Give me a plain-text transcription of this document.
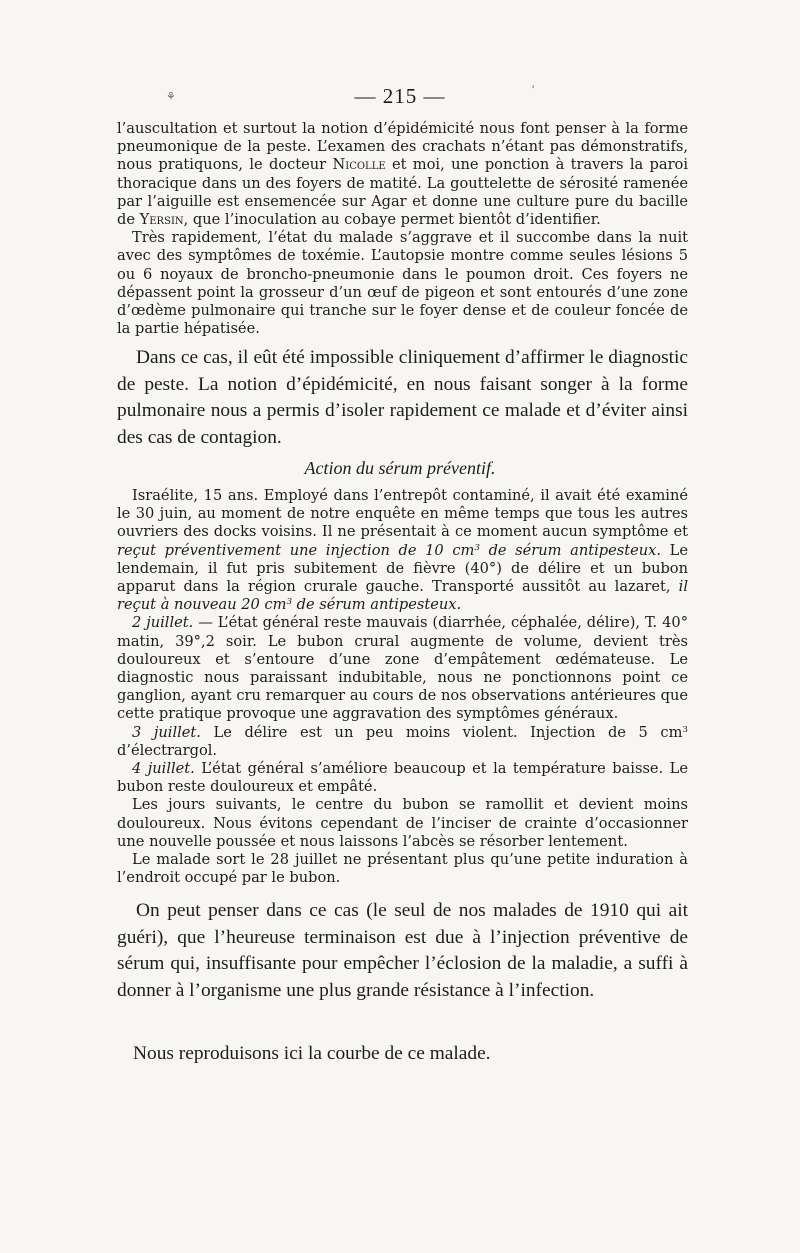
⚘	ʼ
— 215 —

l’auscultation et surtout la notion d’épidémicité nous font penser à la forme pneumonique de la peste. L’examen des crachats n’étant pas démonstratifs, nous pratiquons, le docteur Nicolle et moi, une ponction à travers la paroi thoracique dans un des foyers de matité. La gouttelette de sérosité ramenée par l’aiguille est ensemencée sur Agar et donne une culture pure du bacille de Yersin, que l’inoculation au cobaye permet bientôt d’identifier.

Très rapidement, l’état du malade s’aggrave et il succombe dans la nuit avec des symptômes de toxémie. L’autopsie montre comme seules lésions 5 ou 6 noyaux de broncho-pneumonie dans le poumon droit. Ces foyers ne dépassent point la grosseur d’un œuf de pigeon et sont entourés d’une zone d’œdème pulmonaire qui tranche sur le foyer dense et de couleur foncée de la partie hépatisée.

Dans ce cas, il eût été impossible cliniquement d’affirmer le diagnostic de peste. La notion d’épidémicité, en nous faisant songer à la forme pulmonaire nous a permis d’isoler rapidement ce malade et d’éviter ainsi des cas de contagion.

Action du sérum préventif.

Israélite, 15 ans. Employé dans l’entrepôt contaminé, il avait été examiné le 30 juin, au moment de notre enquête en même temps que tous les autres ouvriers des docks voisins. Il ne présentait à ce moment aucun symptôme et reçut préventivement une injection de 10 $cm^3$ de sérum antipesteux. Le lendemain, il fut pris subitement de fièvre (40°) de délire et un bubon apparut dans la région crurale gauche. Transporté aussitôt au lazaret, il reçut à nouveau 20 $cm^3$ de sérum antipesteux.

2 juillet. — L’état général reste mauvais (diarrhée, céphalée, délire), T. 40° matin, 39°,2 soir. Le bubon crural augmente de volume, devient très douloureux et s’entoure d’une zone d’empâtement œdémateuse. Le diagnostic nous paraissant indubitable, nous ne ponctionnons point ce ganglion, ayant cru remarquer au cours de nos observations antérieures que cette pratique provoque une aggravation des symptômes généraux.

3 juillet. Le délire est un peu moins violent. Injection de 5 $cm^3$ d’électrargol.

4 juillet. L’état général s’améliore beaucoup et la température baisse. Le bubon reste douloureux et empâté.

Les jours suivants, le centre du bubon se ramollit et devient moins douloureux. Nous évitons cependant de l’inciser de crainte d’occasionner une nouvelle poussée et nous laissons l’abcès se résorber lentement.

Le malade sort le 28 juillet ne présentant plus qu’une petite induration à l’endroit occupé par le bubon.

On peut penser dans ce cas (le seul de nos malades de 1910 qui ait guéri), que l’heureuse terminaison est due à l’injection préventive de sérum qui, insuffisante pour empêcher l’éclosion de la maladie, a suffi à donner à l’organisme une plus grande résistance à l’infection.

Nous reproduisons ici la courbe de ce malade.
